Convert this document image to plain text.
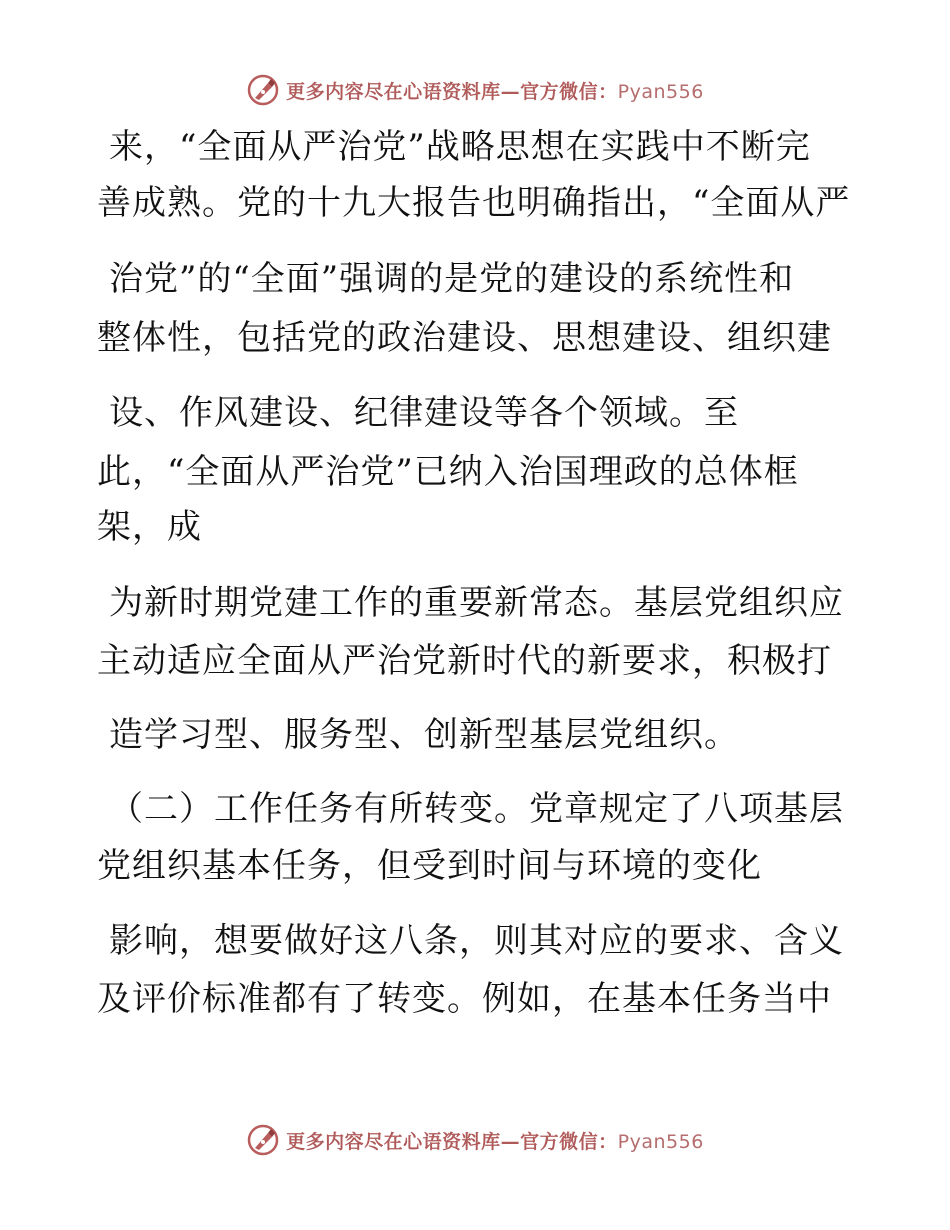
更多内容尽在心语资料库—官方微信：Pyan556
来，“全面从严治党”战略思想在实践中不断完
善成熟。党的十九大报告也明确指出，“全面从严
治党”的“全面”强调的是党的建设的系统性和
整体性，包括党的政治建设、思想建设、组织建
设、作风建设、纪律建设等各个领域。至
此，“全面从严治党”已纳入治国理政的总体框
架，成
为新时期党建工作的重要新常态。基层党组织应
主动适应全面从严治党新时代的新要求，积极打
造学习型、服务型、创新型基层党组织。
（二）工作任务有所转变。党章规定了八项基层
党组织基本任务，但受到时间与环境的变化
影响，想要做好这八条，则其对应的要求、含义
及评价标准都有了转变。例如，在基本任务当中
更多内容尽在心语资料库—官方微信：Pyan556
